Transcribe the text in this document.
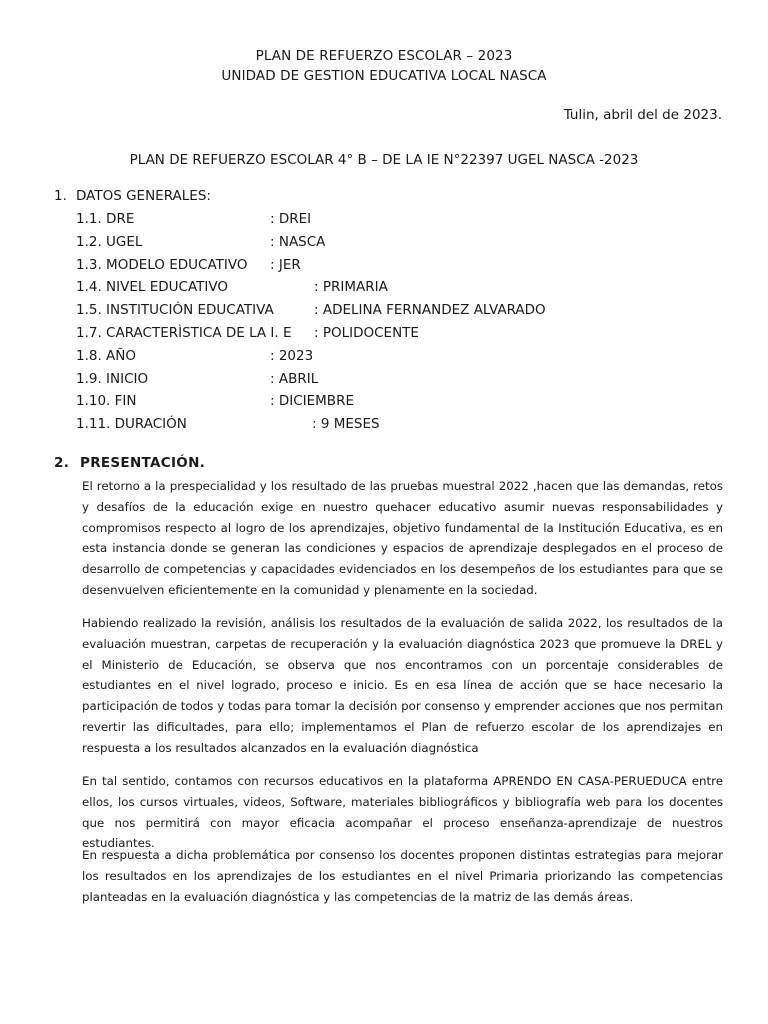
PLAN DE REFUERZO ESCOLAR – 2023
UNIDAD DE GESTION EDUCATIVA LOCAL NASCA
Tulin, abril del de 2023.
PLAN DE REFUERZO ESCOLAR 4° B – DE LA IE N°22397 UGEL NASCA -2023
1. DATOS GENERALES:
1.1. DRE	: DREI
1.2. UGEL	: NASCA
1.3. MODELO EDUCATIVO : JER
1.4. NIVEL EDUCATIVO	: PRIMARIA
1.5. INSTITUCIÓN EDUCATIVA	: ADELINA FERNANDEZ ALVARADO
1.7. CARACTERÌSTICA DE LA I. E : POLIDOCENTE
1.8. AÑO	: 2023
1.9. INICIO	: ABRIL
1.10. FIN	: DICIEMBRE
1.11. DURACIÓN	: 9 MESES
2. PRESENTACIÓN.
El retorno a la prespecialidad y los resultado de las pruebas muestral 2022 ,hacen que las demandas, retos y desafíos de la educación exige en nuestro quehacer educativo asumir nuevas responsabilidades y compromisos respecto al logro de los aprendizajes, objetivo fundamental de la Institución Educativa, es en esta instancia donde se generan las condiciones y espacios de aprendizaje desplegados en el proceso de desarrollo de competencias y capacidades evidenciados en los desempeños de los estudiantes para que se desenvuelven eficientemente en la comunidad y plenamente en la sociedad.
Habiendo realizado la revisión, análisis los resultados de la evaluación de salida 2022, los resultados de la evaluación muestran, carpetas de recuperación y la evaluación diagnóstica 2023 que promueve la DREL y el Ministerio de Educación, se observa que nos encontramos con un porcentaje considerables de estudiantes en el nivel logrado, proceso e inicio. Es en esa línea de acción que se hace necesario la participación de todos y todas para tomar la decisión por consenso y emprender acciones que nos permitan revertir las dificultades, para ello; implementamos el Plan de refuerzo escolar de los aprendizajes en respuesta a los resultados alcanzados en la evaluación diagnóstica
En tal sentido, contamos con recursos educativos en la plataforma APRENDO EN CASA-PERUEDUCA entre ellos, los cursos virtuales, videos, Software, materiales bibliográficos y bibliografía web para los docentes que nos permitirá con mayor eficacia acompañar el proceso enseñanza-aprendizaje de nuestros estudiantes.
En respuesta a dicha problemática por consenso los docentes proponen distintas estrategias para mejorar los resultados en los aprendizajes de los estudiantes en el nivel Primaria priorizando las competencias planteadas en la evaluación diagnóstica y las competencias de la matriz de las demás áreas.
